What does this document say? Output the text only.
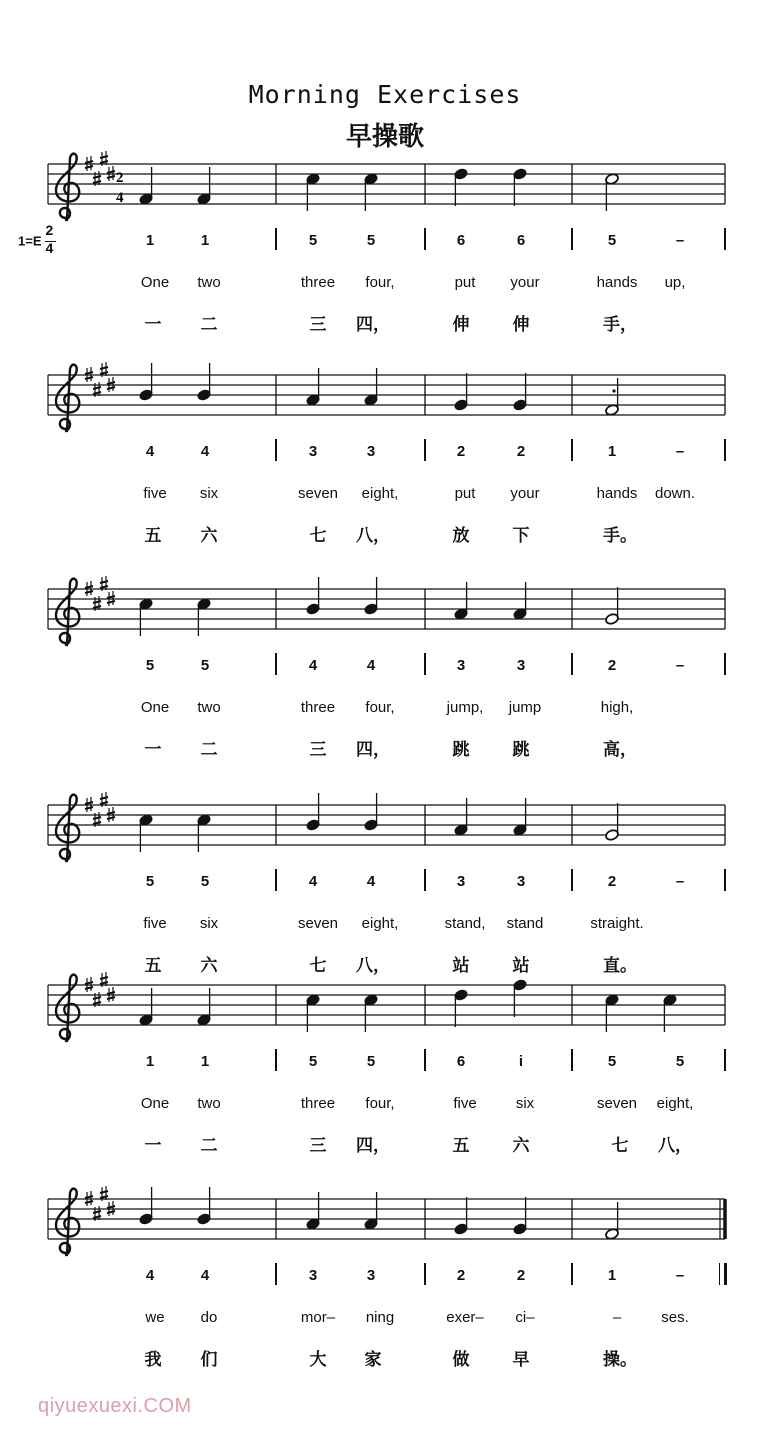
Morning Exercises
早操歌
$1=E \frac{2}{4}$
2
4
1	1	5	5	6	6	5	–
One	two	three	four,	put	your	hands	up,
一	二	三	四，	伸	伸	手，
4	4	3	3	2	2	1	–
five	six	seven	eight,	put	your	hands	down.
五	六	七	八，	放	下	手。
5	5	4	4	3	3	2	–
One	two	three	four,	jump,	jump	high,
一	二	三	四，	跳	跳	高，
5	5	4	4	3	3	2	–
five	six	seven	eight,	stand,	stand	straight.
五	六	七	八，	站	站	直。
1	1	5	5	6	i	5	5
One	two	three	four,	five	six	seven	eight,
一	二	三	四，	五	六	七	八，
4	4	3	3	2	2	1	–
we	do	mor–	ning	exer–	ci–	–	ses.
我	们	大	家	做	早	操。
qiyuexuexi.COM
